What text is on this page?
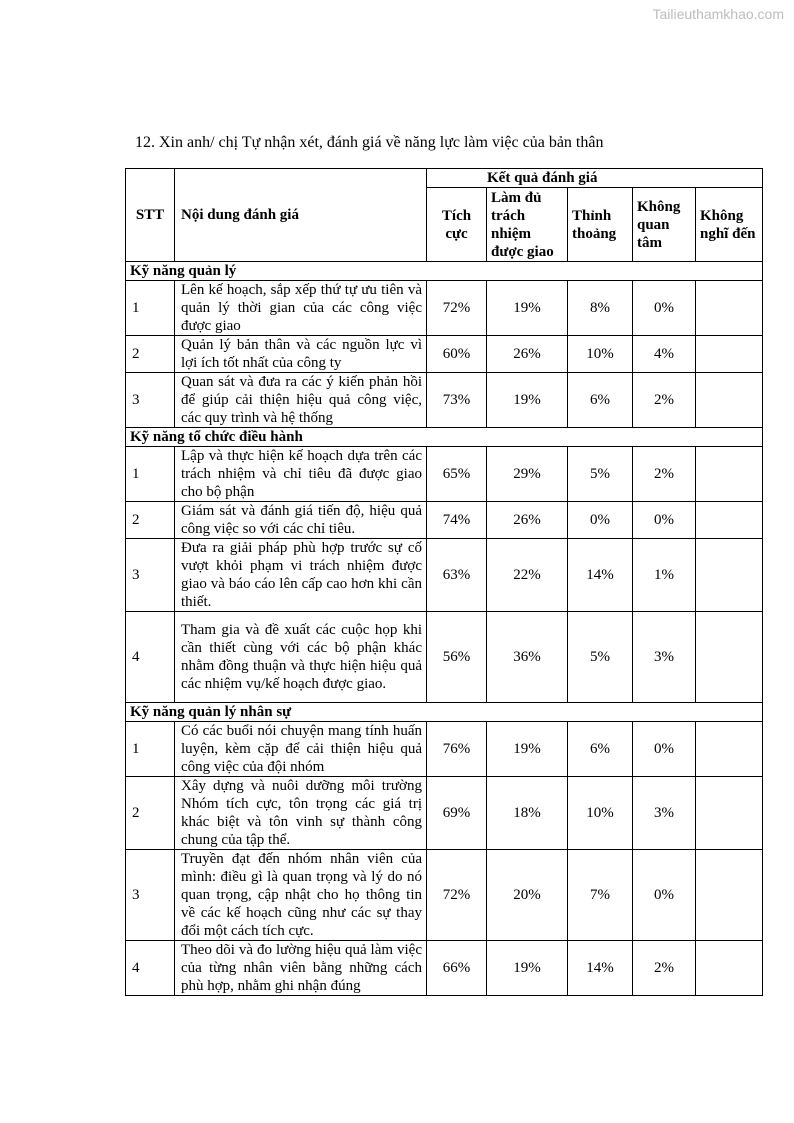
Tailieuthamkhao.com
12. Xin anh/ chị Tự nhận xét, đánh giá về năng lực làm việc của bản thân
STT	Nội dung đánh giá	Kết quả đánh giá				
		Tích cực	Làm đủ trách nhiệm được giao	Thỉnh thoảng	Không quan tâm	Không nghĩ đến
Kỹ năng quản lý						
1	Lên kế hoạch, sắp xếp thứ tự ưu tiên và quản lý thời gian của các công việc được giao	72%	19%	8%	0%	
2	Quản lý bản thân và các nguồn lực vì lợi ích tốt nhất của công ty	60%	26%	10%	4%	
3	Quan sát và đưa ra các ý kiến phản hồi để giúp cải thiện hiệu quả công việc, các quy trình và hệ thống	73%	19%	6%	2%	
Kỹ năng tổ chức điều hành						
1	Lập và thực hiện kế hoạch dựa trên các trách nhiệm và chỉ tiêu đã được giao cho bộ phận	65%	29%	5%	2%	
2	Giám sát và đánh giá tiến độ, hiệu quả công việc so với các chỉ tiêu.	74%	26%	0%	0%	
3	Đưa ra giải pháp phù hợp trước sự cố vượt khỏi phạm vi trách nhiệm được giao và báo cáo lên cấp cao hơn khi cần thiết.	63%	22%	14%	1%	
4	Tham gia và đề xuất các cuộc họp khi cần thiết cùng với các bộ phận khác nhằm đồng thuận và thực hiện hiệu quả các nhiệm vụ/kế hoạch được giao.	56%	36%	5%	3%	
Kỹ năng quản lý nhân sự						
1	Có các buổi nói chuyện mang tính huấn luyện, kèm cặp để cải thiện hiệu quả công việc của đội nhóm	76%	19%	6%	0%	
2	Xây dựng và nuôi dưỡng môi trường Nhóm tích cực, tôn trọng các giá trị khác biệt và tôn vinh sự thành công chung của tập thể.	69%	18%	10%	3%	
3	Truyền đạt đến nhóm nhân viên của mình: điều gì là quan trọng và lý do nó quan trọng, cập nhật cho họ thông tin về các kế hoạch cũng như các sự thay đổi một cách tích cực.	72%	20%	7%	0%	
4	Theo dõi và đo lường hiệu quả làm việc của từng nhân viên bằng những cách phù hợp, nhằm ghi nhận đúng	66%	19%	14%	2%	
